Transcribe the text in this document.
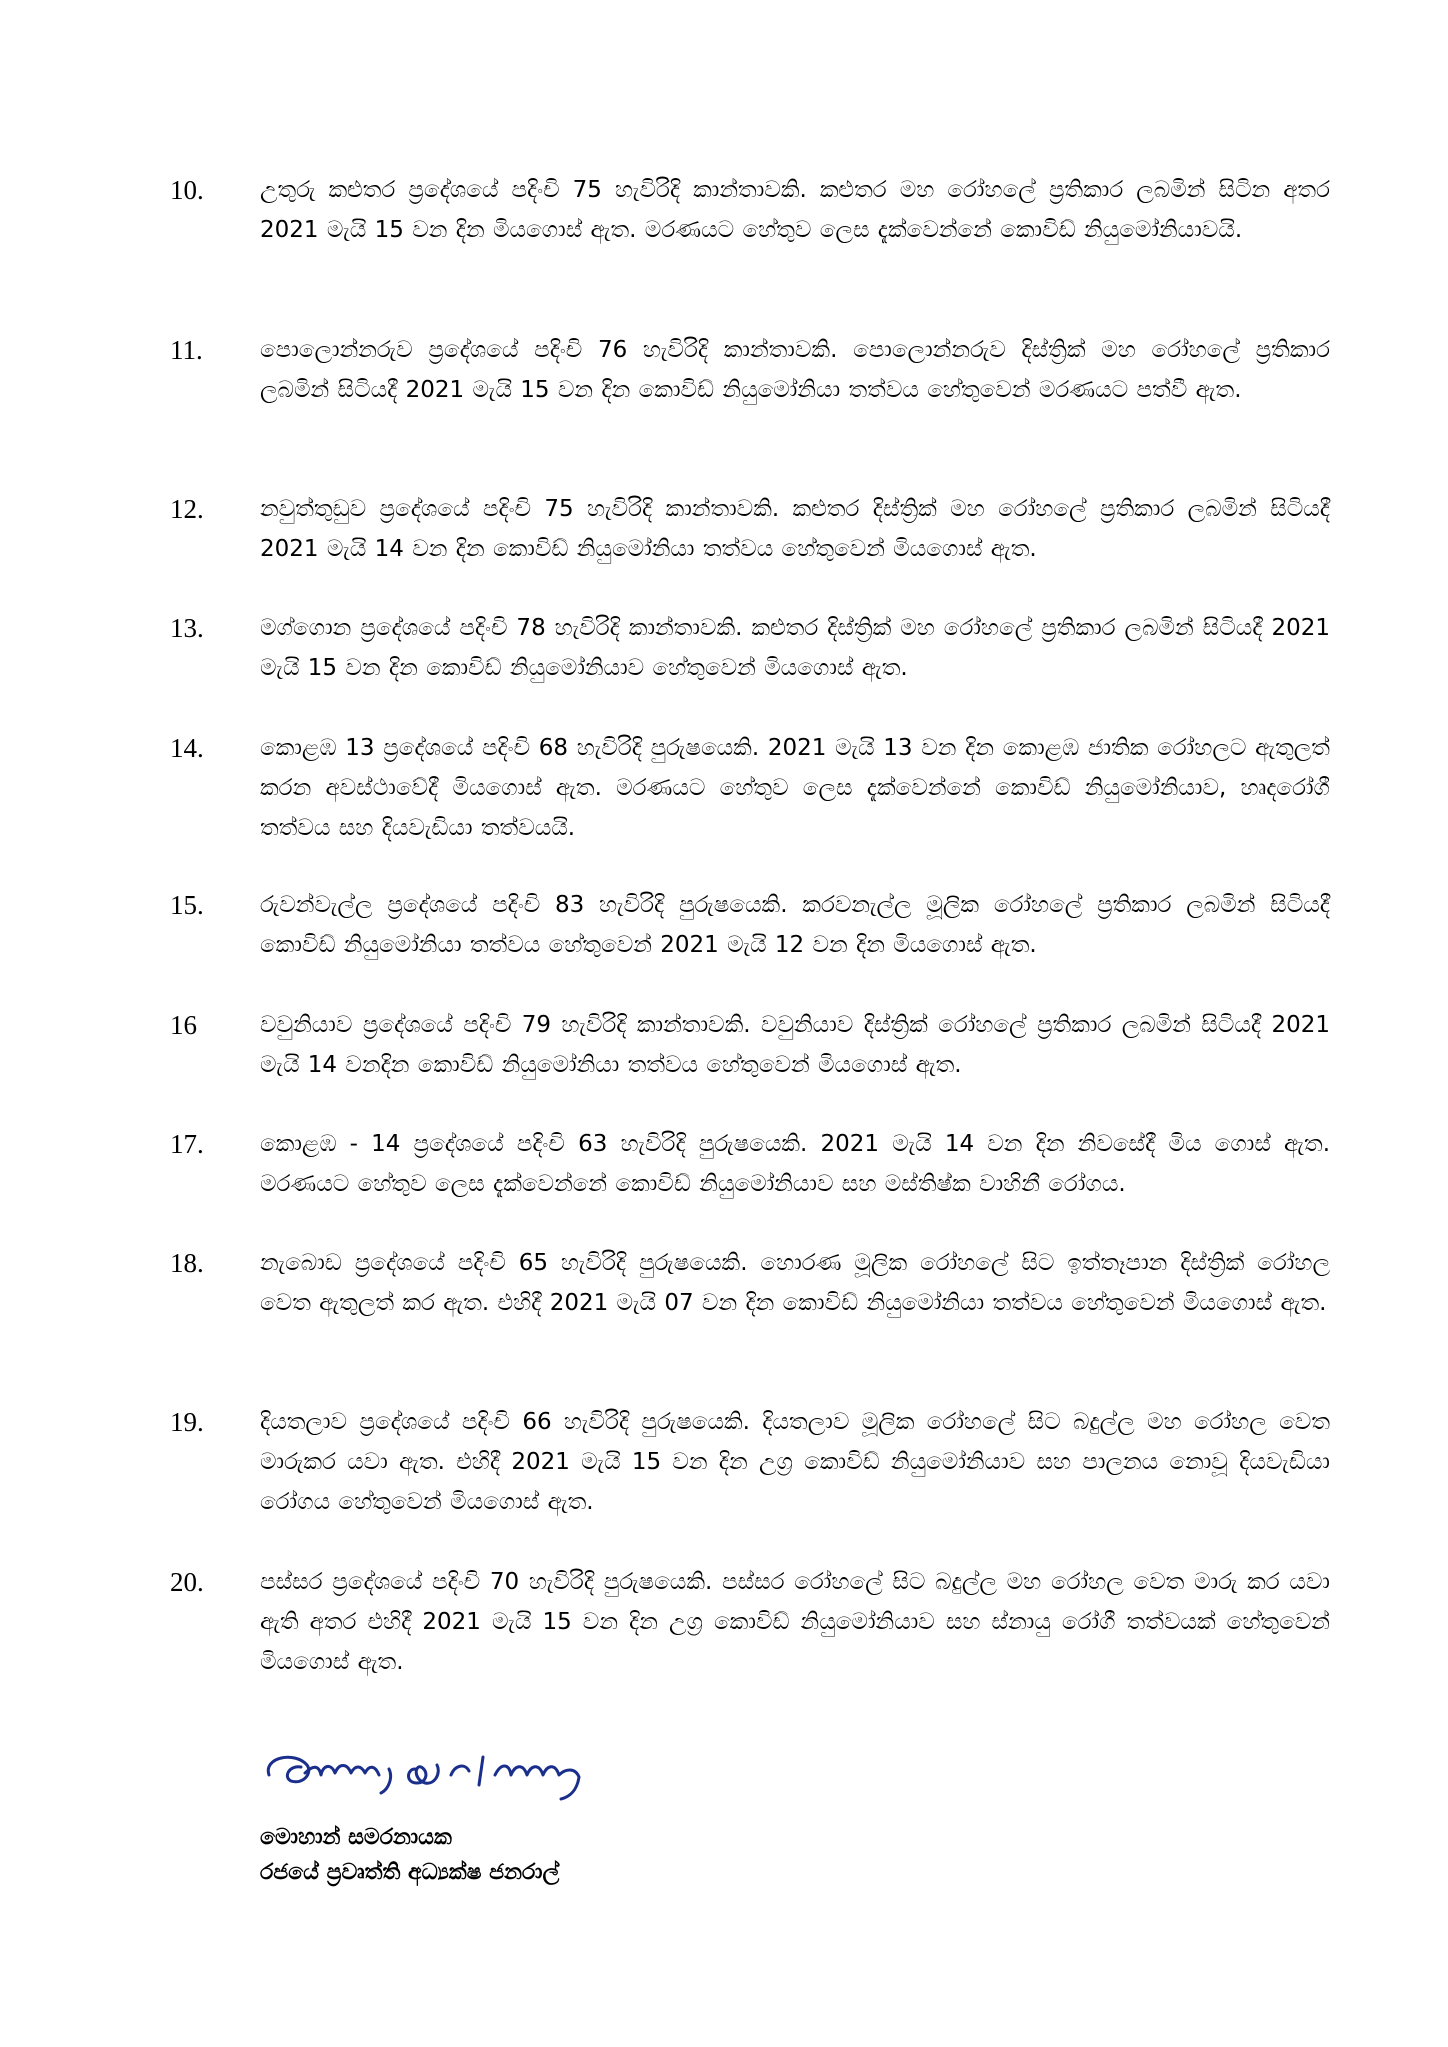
10. උතුරු කළුතර ප්‍රදේශයේ පදිංචි 75 හැවිරිදි කාන්තාවකි. කළුතර මහ රෝහලේ ප්‍රතිකාර ලබමින් සිටින අතර 2021 මැයි 15 වන දින මියගොස් ඇත. මරණයට හේතුව ලෙස දැක්වෙන්නේ කොවිඩ් නියුමෝනියාවයි.
11. පොලොන්නරුව ප්‍රදේශයේ පදිංචි 76 හැවිරිදි කාන්තාවකි. පොලොන්නරුව දිස්ත්‍රික් මහ රෝහලේ ප්‍රතිකාර ලබමින් සිටියදී 2021 මැයි 15 වන දින කොවිඩ් නියුමෝනියා තත්වය හේතුවෙන් මරණයට පත්වී ඇත.
12. නවුත්තුඩුව ප්‍රදේශයේ පදිංචි 75 හැවිරිදි කාන්තාවකි. කළුතර දිස්ත්‍රික් මහ රෝහලේ ප්‍රතිකාර ලබමින් සිටියදී 2021 මැයි 14 වන දින කොවිඩ් නියුමෝනියා තත්වය හේතුවෙන් මියගොස් ඇත.
13. මග්ගොන ප්‍රදේශයේ පදිංචි 78 හැවිරිදි කාන්තාවකි. කළුතර දිස්ත්‍රික් මහ රෝහලේ ප්‍රතිකාර ලබමින් සිටියදී 2021 මැයි 15 වන දින කොවිඩ් නියුමෝනියාව හේතුවෙන් මියගොස් ඇත.
14. කොළඹ 13 ප්‍රදේශයේ පදිංචි 68 හැවිරිදි පුරුෂයෙකි. 2021 මැයි 13 වන දින කොළඹ ජාතික රෝහලට ඇතුලත් කරන අවස්ථාවේදී මියගොස් ඇත. මරණයට හේතුව ලෙස දැක්වෙන්නේ කොවිඩ් නියුමෝනියාව, හෘදරෝගී තත්වය සහ දියවැඩියා තත්වයයි.
15. රුවන්වැල්ල ප්‍රදේශයේ පදිංචි 83 හැවිරිදි පුරුෂයෙකි. කරවනැල්ල මූලික රෝහලේ ප්‍රතිකාර ලබමින් සිටියදී කොවිඩ් නියුමෝනියා තත්වය හේතුවෙන් 2021 මැයි 12 වන දින මියගොස් ඇත.
16	වවුනියාව ප්‍රදේශයේ පදිංචි 79 හැවිරිදි කාන්තාවකි. වවුනියාව දිස්ත්‍රික් රෝහලේ ප්‍රතිකාර ලබමින් සිටියදී 2021 මැයි 14 වනදින කොවිඩ් නියුමෝනියා තත්වය හේතුවෙන් මියගොස් ඇත.
17. කොළඹ - 14 ප්‍රදේශයේ පදිංචි 63 හැවිරිදි පුරුෂයෙකි. 2021 මැයි 14 වන දින නිවසේදී මිය ගොස් ඇත. මරණයට හේතුව ලෙස දැක්වෙන්නේ කොවිඩ් නියුමෝනියාව සහ මස්තිෂ්ක වාහිනී රෝගය.
18. නැබොඩ ප්‍රදේශයේ පදිංචි 65 හැවිරිදි පුරුෂයෙකි. හොරණ මූලික රෝහලේ සිට ඉත්තෑපාන දිස්ත්‍රික් රෝහල වෙත ඇතුලත් කර ඇත. එහිදී 2021 මැයි 07 වන දින කොවිඩ් නියුමෝනියා තත්වය හේතුවෙන් මියගොස් ඇත.
19. දියතලාව ප්‍රදේශයේ පදිංචි 66 හැවිරිදි පුරුෂයෙකි. දියතලාව මූලික රෝහලේ සිට බදුල්ල මහ රෝහල වෙත මාරුකර යවා ඇත. එහිදී 2021 මැයි 15 වන දින උග්‍ර කොවිඩ් නියුමෝනියාව සහ පාලනය නොවූ දියවැඩියා රෝගය හේතුවෙන් මියගොස් ඇත.
20. පස්සර ප්‍රදේශයේ පදිංචි 70 හැවිරිදි පුරුෂයෙකි. පස්සර රෝහලේ සිට බදුල්ල මහ රෝහල වෙත මාරු කර යවා ඇති අතර එහිදී 2021 මැයි 15 වන දින උග්‍ර කොවිඩ් නියුමෝනියාව සහ ස්නායු රෝගී තත්වයක් හේතුවෙන් මියගොස් ඇත.
මොහාන් සමරනායක
රජයේ ප්‍රවෘත්ති අධ්‍යක්ෂ ජනරාල්
